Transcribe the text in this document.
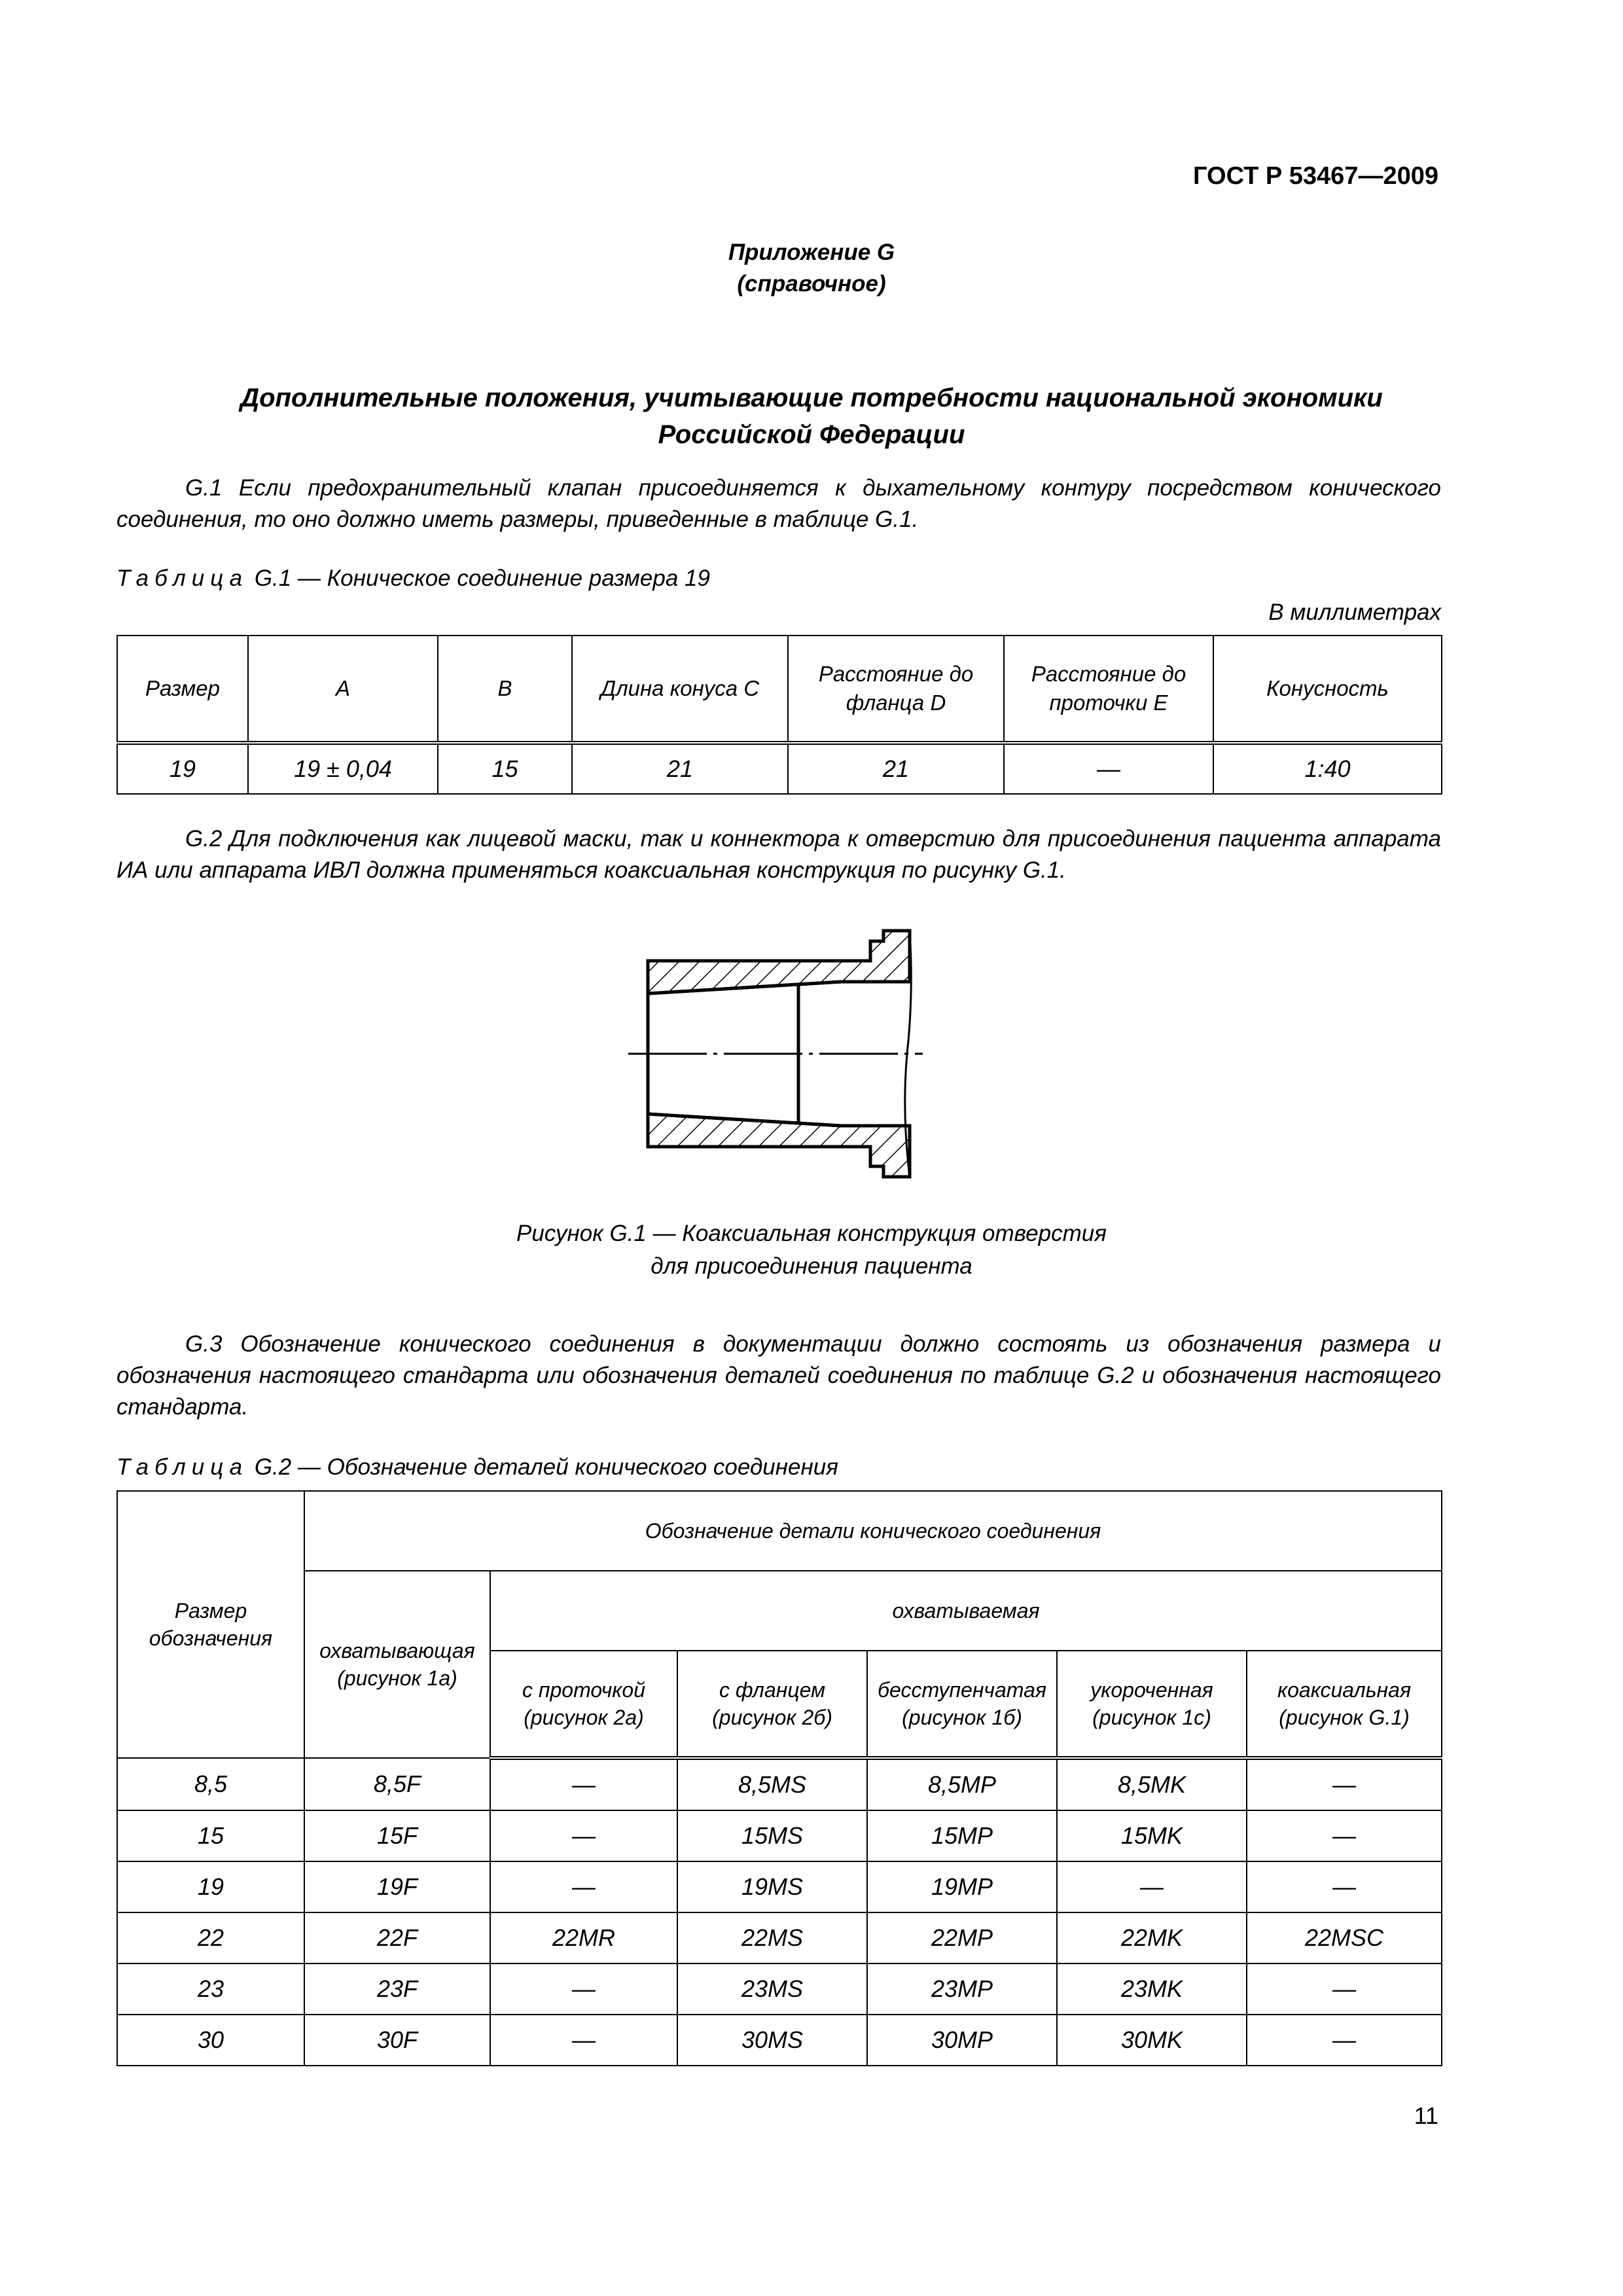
ГОСТ Р 53467—2009
Приложение G
(справочное)
Дополнительные положения, учитывающие потребности национальной экономики
Российской Федерации
G.1 Если предохранительный клапан присоединяется к дыхательному контуру посредством конического соединения, то оно должно иметь размеры, приведенные в таблице G.1.
Таблица G.1 — Коническое соединение размера 19
В миллиметрах
Размер	A	B	Длина конуса C	Расстояние до фланца D	Расстояние до проточки E	Конусность
19	19 ± 0,04	15	21	21	—	1:40
G.2 Для подключения как лицевой маски, так и коннектора к отверстию для присоединения пациента аппарата ИА или аппарата ИВЛ должна применяться коаксиальная конструкция по рисунку G.1.
Рисунок G.1 — Коаксиальная конструкция отверстия
для присоединения пациента
G.3 Обозначение конического соединения в документации должно состоять из обозначения размера и обозначения настоящего стандарта или обозначения деталей соединения по таблице G.2 и обозначения настоящего стандарта.
Таблица G.2 — Обозначение деталей конического соединения
Размер обозначения	Обозначение детали конического соединения					
	охватывающая (рисунок 1а)	охватываемая				
		с проточкой (рисунок 2а)	с фланцем (рисунок 2б)	бесступенчатая (рисунок 1б)	укороченная (рисунок 1с)	коаксиальная (рисунок G.1)
8,5	8,5F	—	8,5MS	8,5MP	8,5MK	—
15	15F	—	15MS	15MP	15MK	—
19	19F	—	19MS	19MP	—	—
22	22F	22MR	22MS	22MP	22MK	22MSC
23	23F	—	23MS	23MP	23MK	—
30	30F	—	30MS	30MP	30MK	—
11
